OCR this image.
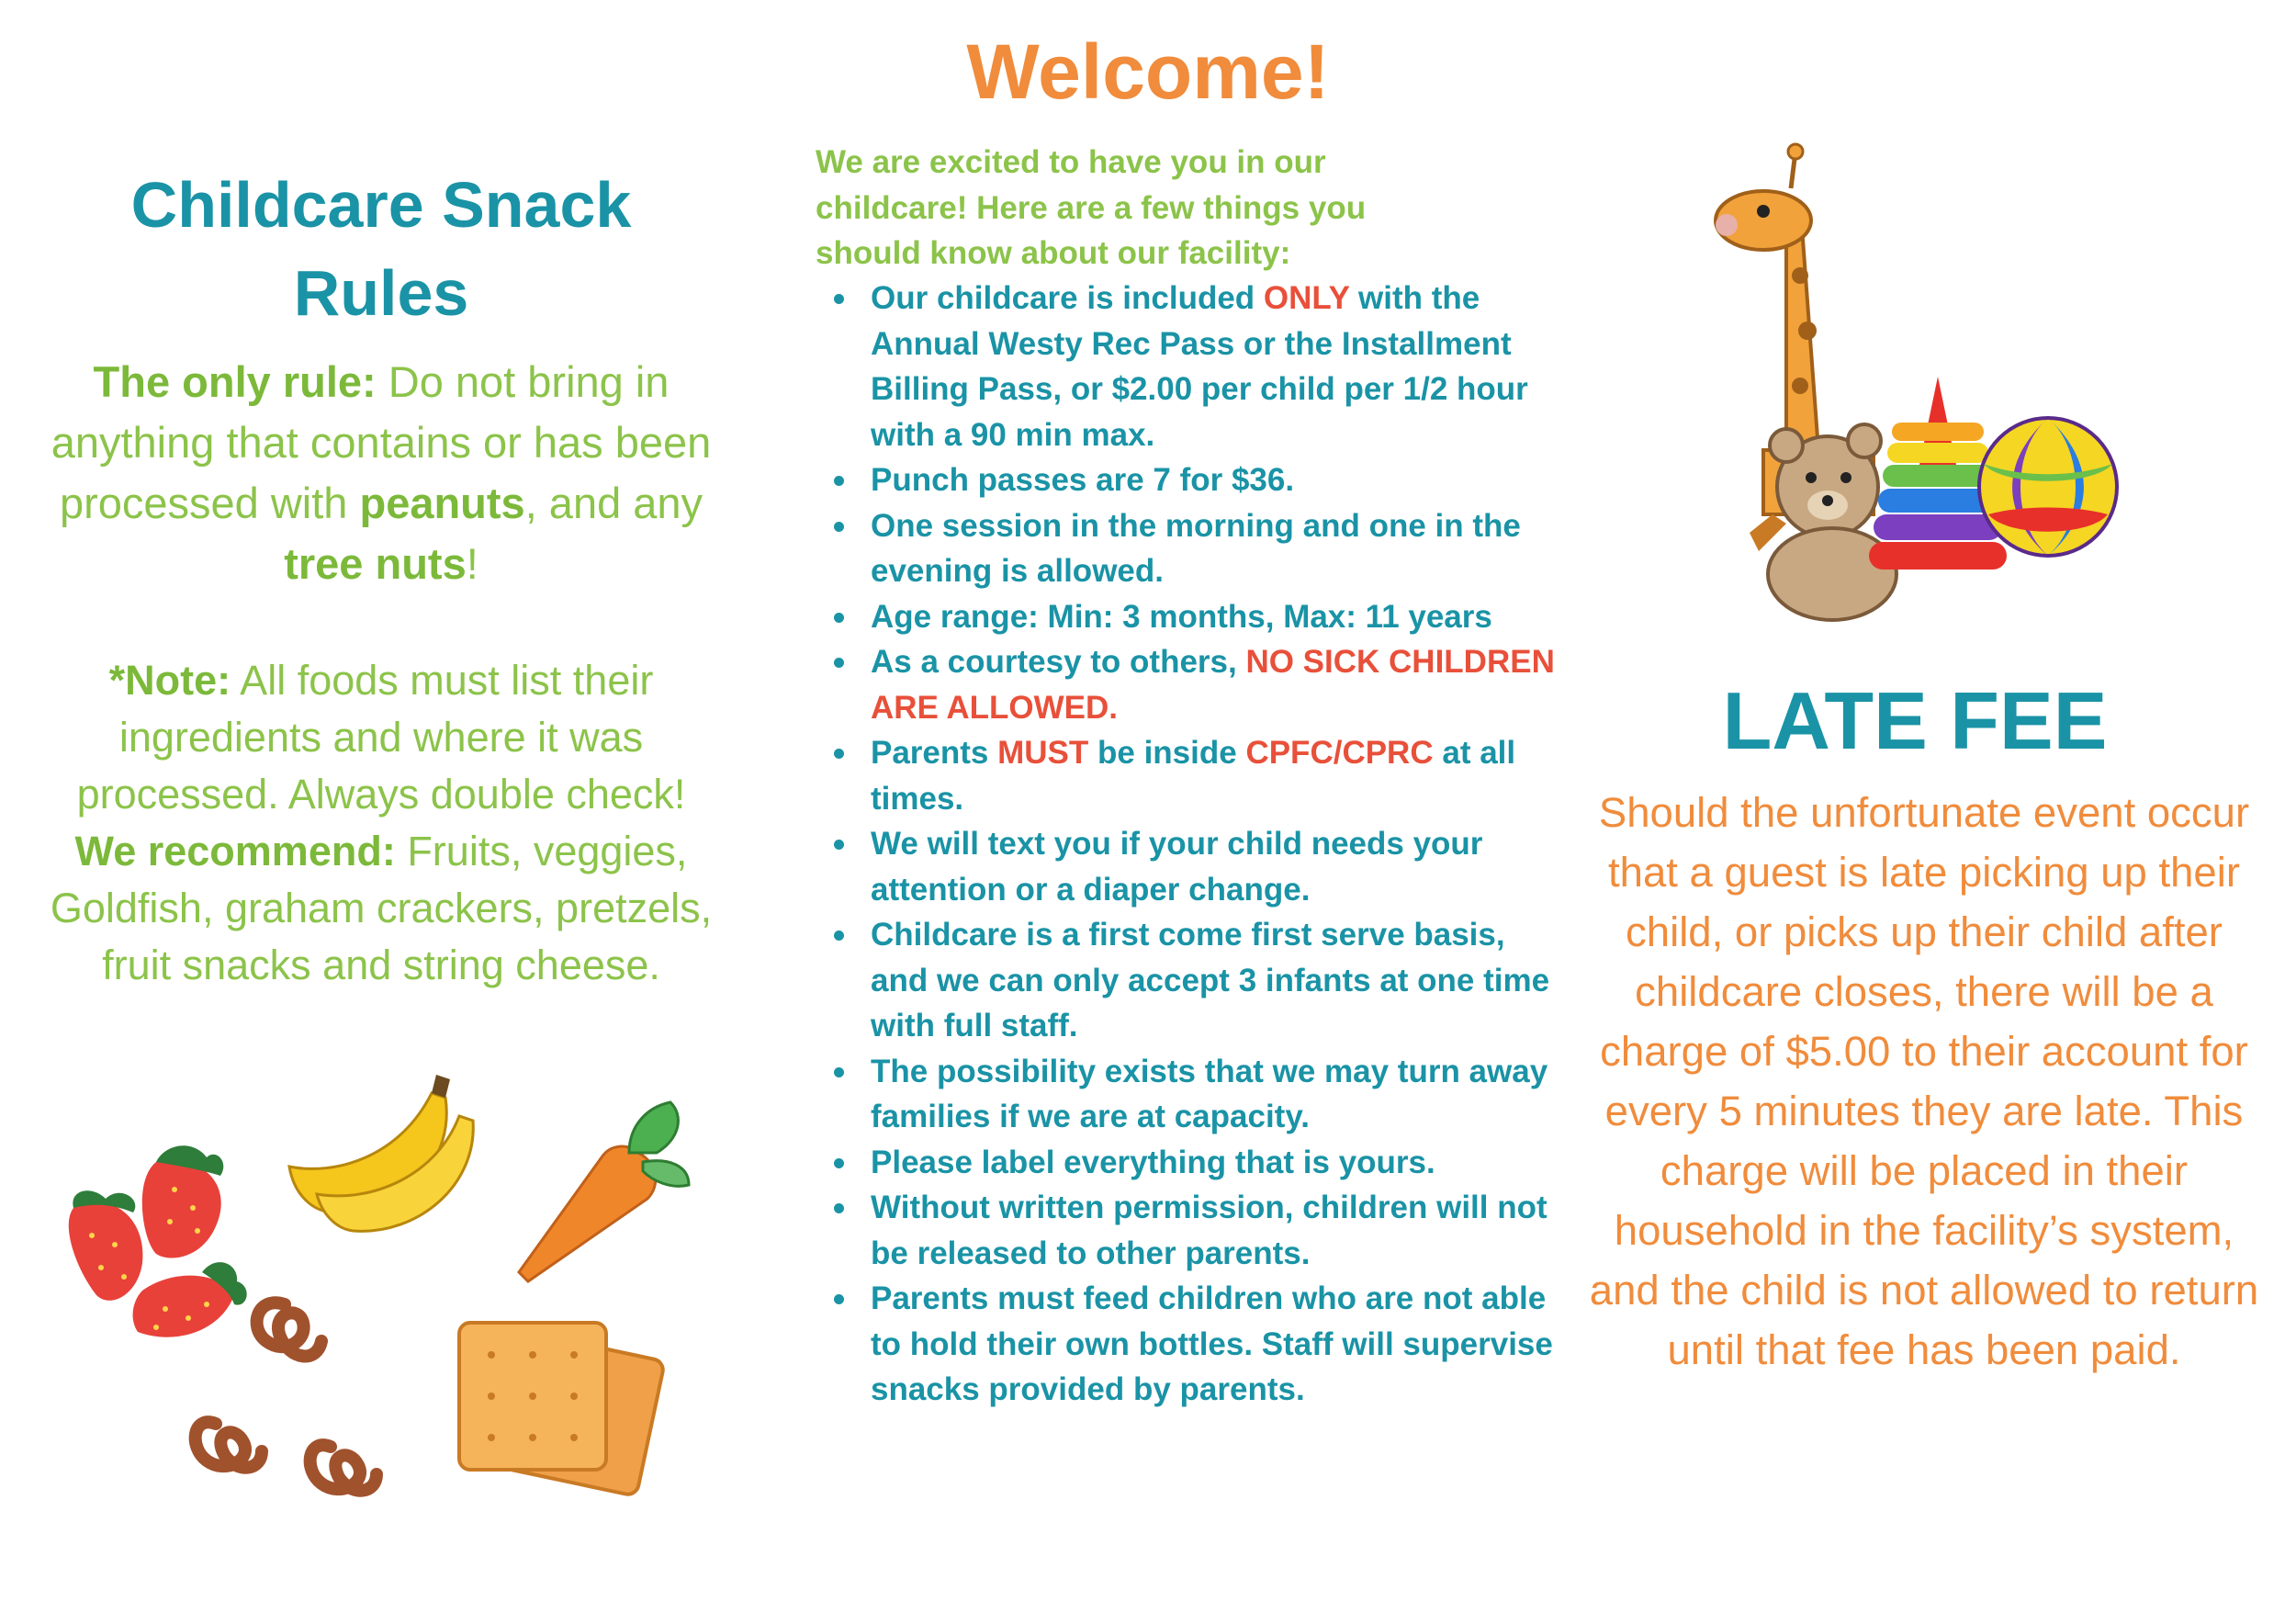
Childcare Snack Rules

The only rule: Do not bring in anything that contains or has been processed with peanuts, and any tree nuts!

*Note: All foods must list their ingredients and where it was processed. Always double check!
We recommend: Fruits, veggies, Goldfish, graham crackers, pretzels, fruit snacks and string cheese.

Welcome!

We are excited to have you in our childcare! Here are a few things you should know about our facility:

Our childcare is included ONLY with the Annual Westy Rec Pass or the Installment Billing Pass, or $2.00 per child per 1/2 hour with a 90 min max.
Punch passes are 7 for $36.
One session in the morning and one in the evening is allowed.
Age range: Min: 3 months, Max: 11 years
As a courtesy to others, NO SICK CHILDREN ARE ALLOWED.
Parents MUST be inside CPFC/CPRC at all times.
We will text you if your child needs your attention or a diaper change.
Childcare is a first come first serve basis, and we can only accept 3 infants at one time with full staff.
The possibility exists that we may turn away families if we are at capacity.
Please label everything that is yours.
Without written permission, children will not be released to other parents.
Parents must feed children who are not able to hold their own bottles. Staff will supervise snacks provided by parents.
LATE FEE

Should the unfortunate event occur that a guest is late picking up their child, or picks up their child after childcare closes, there will be a charge of $5.00 to their account for every 5 minutes they are late. This charge will be placed in their household in the facility’s system, and the child is not allowed to return until that fee has been paid.
